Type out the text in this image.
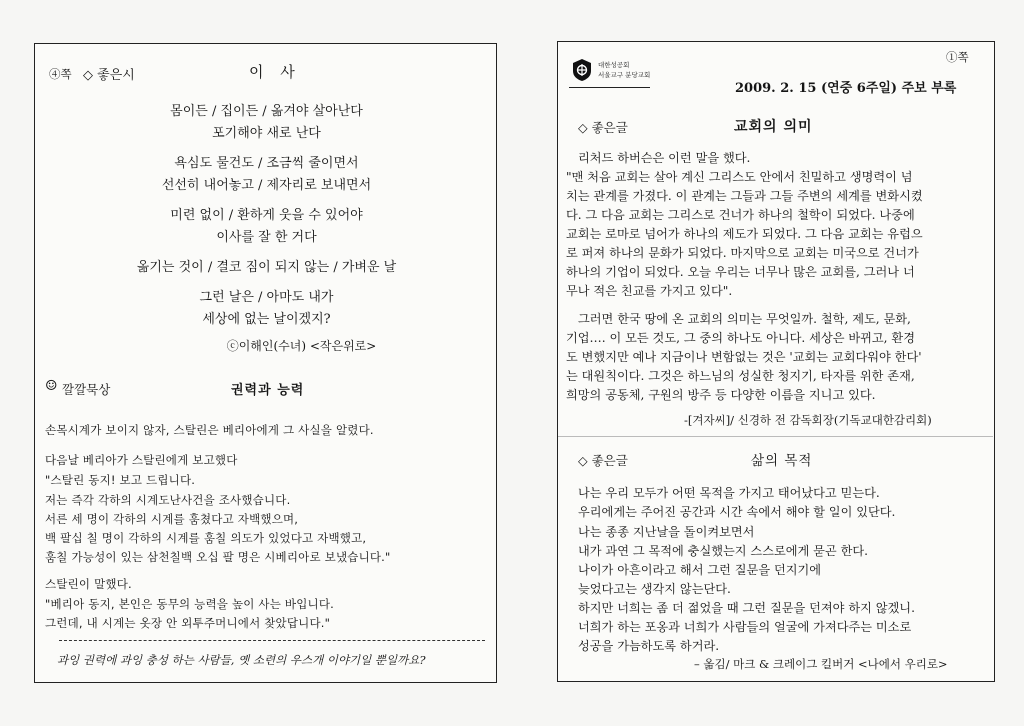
④쪽 ◇ 좋은시	이 사
몸이든 / 집이든 / 옮겨야 살아난다
포기해야 새로 난다
욕심도 물건도 / 조금씩 줄이면서
선선히 내어놓고 / 제자리로 보내면서
미련 없이 / 환하게 웃을 수 있어야
이사를 잘 한 거다
옮기는 것이 / 결코 짐이 되지 않는 / 가벼운 날
그런 날은 / 아마도 내가
세상에 없는 날이겠지?
ⓒ이해인(수녀) <작은위로>
☺ 깔깔묵상	권력과 능력
손목시계가 보이지 않자, 스탈린은 베리아에게 그 사실을 알렸다.
다음날 베리아가 스탈린에게 보고했다
"스탈린 동지! 보고 드립니다.
저는 즉각 각하의 시계도난사건을 조사했습니다.
서른 세 명이 각하의 시계를 훔쳤다고 자백했으며,
백 팔십 칠 명이 각하의 시계를 훔칠 의도가 있었다고 자백했고,
훔칠 가능성이 있는 삼천칠백 오십 팔 명은 시베리아로 보냈습니다."
스탈린이 말했다.
"베리아 동지, 본인은 동무의 능력을 높이 사는 바입니다.
그런데, 내 시계는 옷장 안 외투주머니에서 찾았답니다."
과잉 권력에 과잉 충성 하는 사람들, 옛 소련의 우스개 이야기일 뿐일까요?
①쪽
대한성공회
서울교구 분당교회
2009. 2. 15 (연중 6주일) 주보 부록
◇ 좋은글	교회의 의미
리처드 하버슨은 이런 말을 했다.
"맨 처음 교회는 살아 계신 그리스도 안에서 친밀하고 생명력이 넘
치는 관계를 가졌다. 이 관계는 그들과 그들 주변의 세계를 변화시켰
다. 그 다음 교회는 그리스로 건너가 하나의 철학이 되었다. 나중에
교회는 로마로 넘어가 하나의 제도가 되었다. 그 다음 교회는 유럽으
로 퍼져 하나의 문화가 되었다. 마지막으로 교회는 미국으로 건너가
하나의 기업이 되었다. 오늘 우리는 너무나 많은 교회를, 그러나 너
무나 적은 친교를 가지고 있다".
그러면 한국 땅에 온 교회의 의미는 무엇일까. 철학, 제도, 문화,
기업…. 이 모든 것도, 그 중의 하나도 아니다. 세상은 바뀌고, 환경
도 변했지만 예나 지금이나 변함없는 것은 '교회는 교회다워야 한다'
는 대원칙이다. 그것은 하느님의 성실한 청지기, 타자를 위한 존재,
희망의 공동체, 구원의 방주 등 다양한 이름을 지니고 있다.
-[겨자씨]/ 신경하 전 감독회장(기독교대한감리회)
◇ 좋은글	삶의 목적
나는 우리 모두가 어떤 목적을 가지고 태어났다고 믿는다.
우리에게는 주어진 공간과 시간 속에서 해야 할 일이 있단다.
나는 종종 지난날을 돌이켜보면서
내가 과연 그 목적에 충실했는지 스스로에게 묻곤 한다.
나이가 아흔이라고 해서 그런 질문을 던지기에
늦었다고는 생각지 않는단다.
하지만 너희는 좀 더 젊었을 때 그런 질문을 던져야 하지 않겠니.
너희가 하는 포옹과 너희가 사람들의 얼굴에 가져다주는 미소로
성공을 가늠하도록 하거라.
– 옮김/ 마크 & 크레이그 킬버거 <나에서 우리로>
